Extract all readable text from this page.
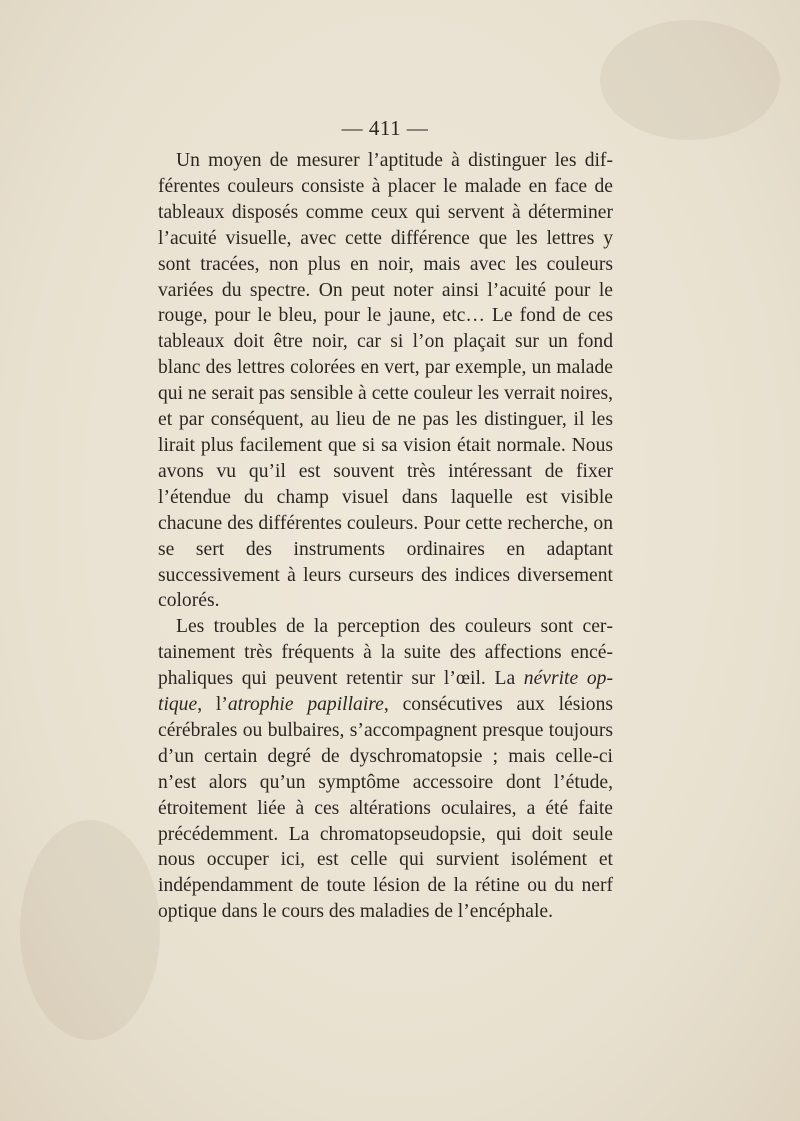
— 411 —

Un moyen de mesurer l’aptitude à distinguer les différentes couleurs consiste à placer le malade en face de tableaux disposés comme ceux qui servent à déterminer l’acuité visuelle, avec cette différence que les lettres y sont tracées, non plus en noir, mais avec les couleurs variées du spectre. On peut noter ainsi l’acuité pour le rouge, pour le bleu, pour le jaune, etc… Le fond de ces tableaux doit être noir, car si l’on plaçait sur un fond blanc des lettres colorées en vert, par exemple, un malade qui ne serait pas sensible à cette couleur les verrait noires, et par conséquent, au lieu de ne pas les distinguer, il les lirait plus facilement que si sa vision était normale. Nous avons vu qu’il est souvent très intéressant de fixer l’étendue du champ visuel dans laquelle est visible chacune des différentes couleurs. Pour cette recherche, on se sert des instruments ordinaires en adaptant successivement à leurs curseurs des indices diversement colorés.

Les troubles de la perception des couleurs sont certainement très fréquents à la suite des affections encéphaliques qui peuvent retentir sur l’œil. La névrite optique, l’atrophie papillaire, consécutives aux lésions cérébrales ou bulbaires, s’accompagnent presque toujours d’un certain degré de dyschromatopsie ; mais celle-ci n’est alors qu’un symptôme accessoire dont l’étude, étroitement liée à ces altérations oculaires, a été faite précédemment. La chromatopseudopsie, qui doit seule nous occuper ici, est celle qui survient isolément et indépendamment de toute lésion de la rétine ou du nerf optique dans le cours des maladies de l’encéphale.
